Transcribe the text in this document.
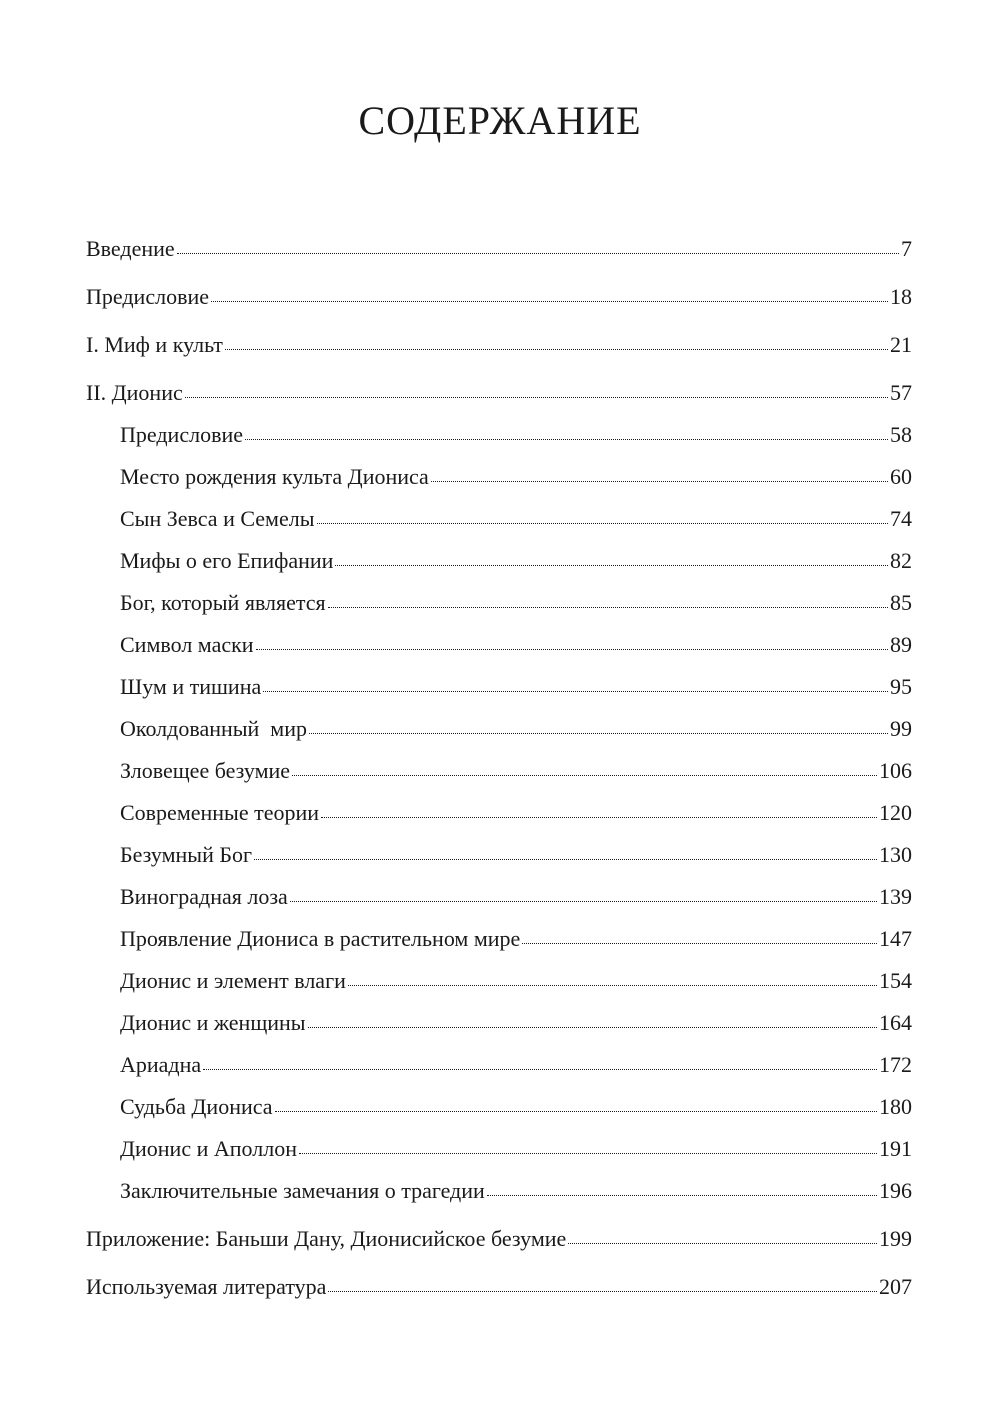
СОДЕРЖАНИЕ
Введение	7
Предисловие	18
I. Миф и культ	21
II. Дионис	57
Предисловие	58
Место рождения культа Диониса	60
Сын Зевса и Семелы	74
Мифы о его Епифании	82
Бог, который является	85
Символ маски	89
Шум и тишина	95
Околдованный  мир	99
Зловещее безумие	106
Современные теории	120
Безумный Бог	130
Виноградная лоза	139
Проявление Диониса в растительном мире	147
Дионис и элемент влаги	154
Дионис и женщины	164
Ариадна	172
Судьба Диониса	180
Дионис и Аполлон	191
Заключительные замечания о трагедии	196
Приложение: Баньши Дану, Дионисийское безумие	199
Используемая литература	207
